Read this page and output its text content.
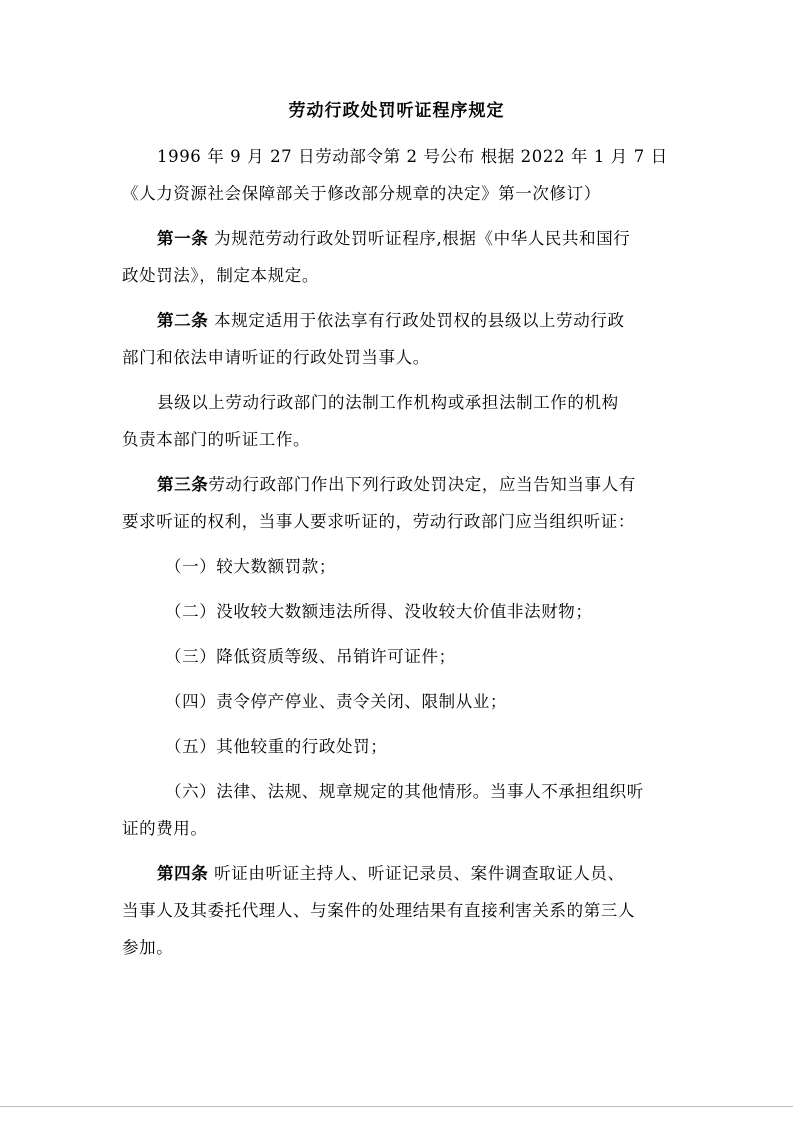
劳动行政处罚听证程序规定
1996 年 9 月 27 日劳动部令第 2 号公布 根据 2022 年 1 月 7 日
《人力资源社会保障部关于修改部分规章的决定》第一次修订）
第一条 为规范劳动行政处罚听证程序,根据《中华人民共和国行
政处罚法》，制定本规定。
第二条 本规定适用于依法享有行政处罚权的县级以上劳动行政
部门和依法申请听证的行政处罚当事人。
县级以上劳动行政部门的法制工作机构或承担法制工作的机构
负责本部门的听证工作。
第三条劳动行政部门作出下列行政处罚决定，应当告知当事人有
要求听证的权利，当事人要求听证的，劳动行政部门应当组织听证：
（一）较大数额罚款；
（二）没收较大数额违法所得、没收较大价值非法财物；
（三）降低资质等级、吊销许可证件；
（四）责令停产停业、责令关闭、限制从业；
（五）其他较重的行政处罚；
（六）法律、法规、规章规定的其他情形。当事人不承担组织听
证的费用。
第四条 听证由听证主持人、听证记录员、案件调查取证人员、
当事人及其委托代理人、与案件的处理结果有直接利害关系的第三人
参加。
